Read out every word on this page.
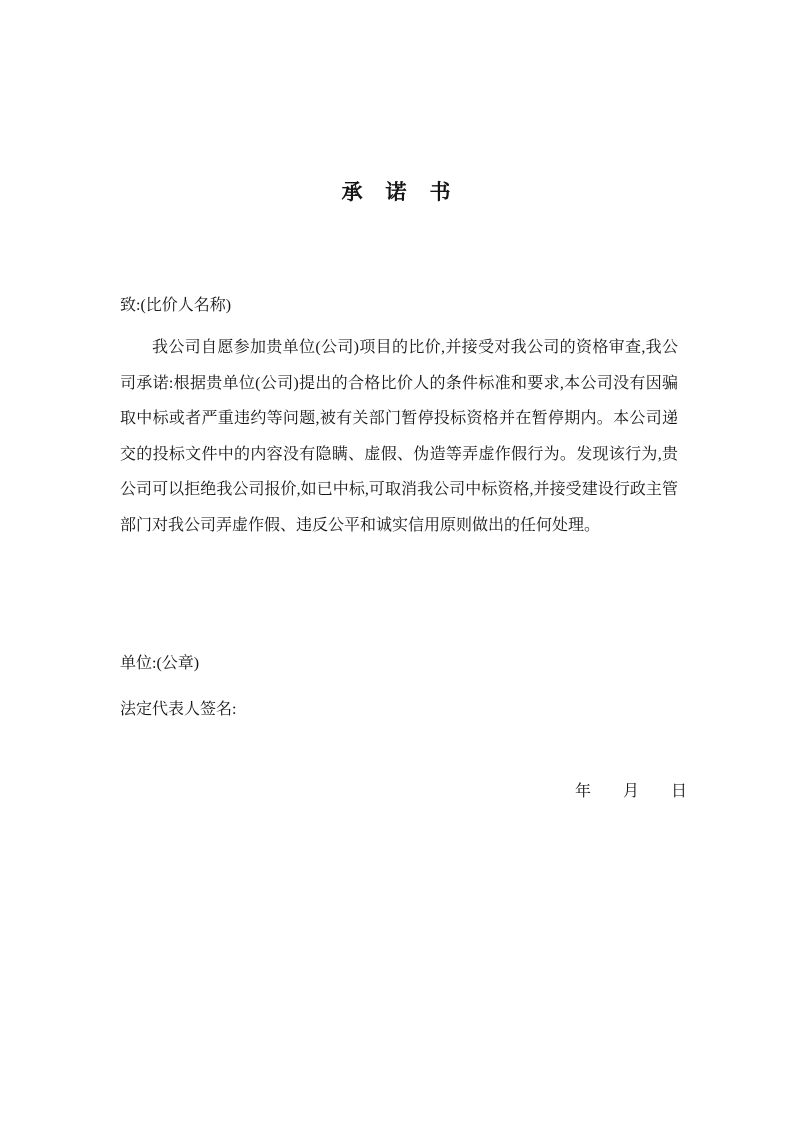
承　诺　书

致:(比价人名称)

我公司自愿参加贵单位(公司)项目的比价,并接受对我公司的资格审查,我公司承诺:根据贵单位(公司)提出的合格比价人的条件标准和要求,本公司没有因骗取中标或者严重违约等问题,被有关部门暂停投标资格并在暂停期内。本公司递交的投标文件中的内容没有隐瞒、虚假、伪造等弄虚作假行为。发现该行为,贵公司可以拒绝我公司报价,如已中标,可取消我公司中标资格,并接受建设行政主管部门对我公司弄虚作假、违反公平和诚实信用原则做出的任何处理。

单位:(公章)

法定代表人签名:

年　　月　　日
